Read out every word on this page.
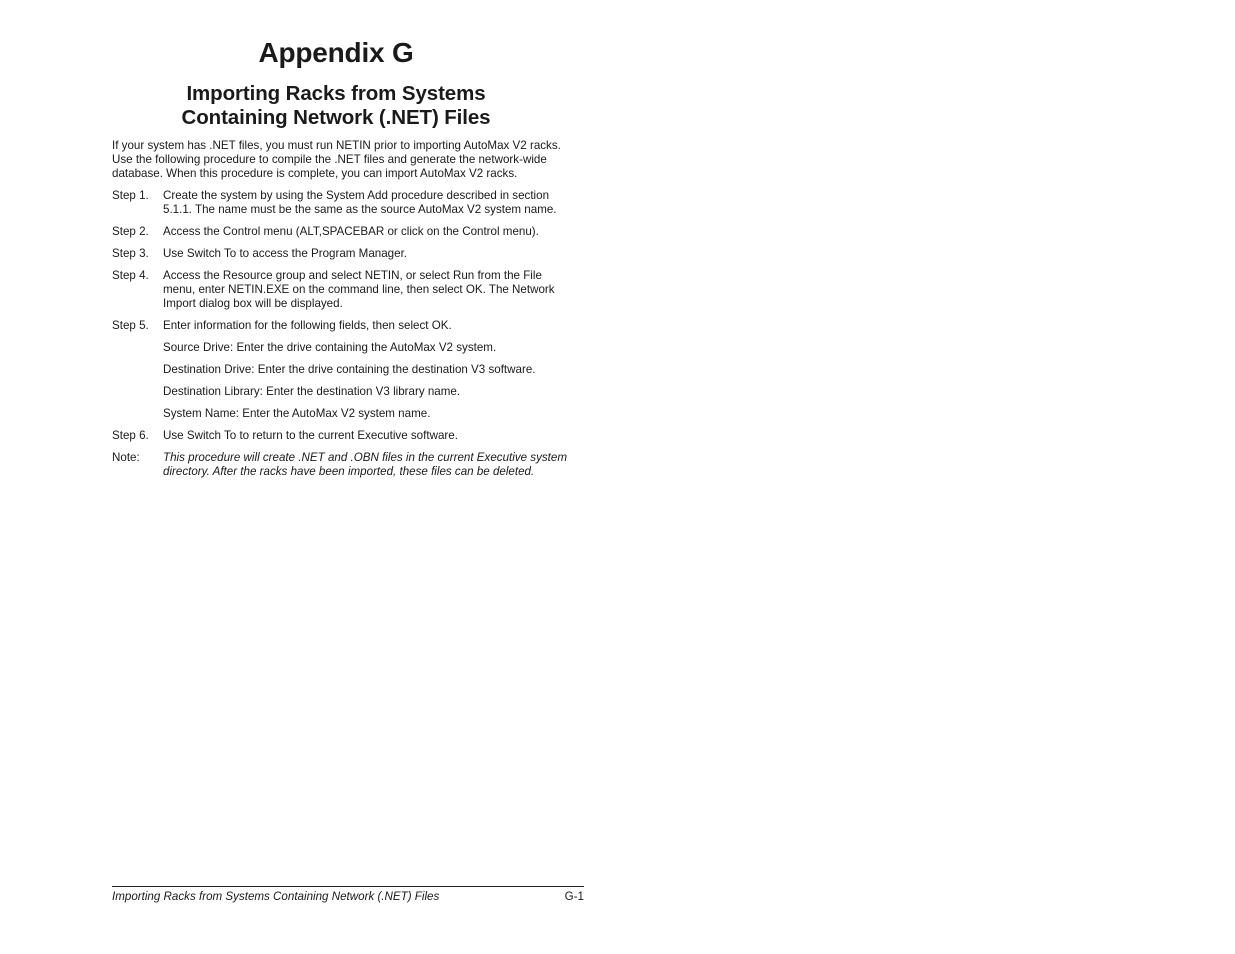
Appendix G
Importing Racks from Systems
Containing Network (.NET) Files

If your system has .NET files, you must run NETIN prior to importing AutoMax V2 racks. Use the following procedure to compile the .NET files and generate the network-wide database. When this procedure is complete, you can import AutoMax V2 racks.

Step 1.	Create the system by using the System Add procedure described in section 5.1.1. The name must be the same as the source AutoMax V2 system name.
Step 2.	Access the Control menu (ALT,SPACEBAR or click on the Control menu).
Step 3.	Use Switch To to access the Program Manager.
Step 4.	Access the Resource group and select NETIN, or select Run from the File menu, enter NETIN.EXE on the command line, then select OK. The Network Import dialog box will be displayed.
Step 5.	Enter information for the following fields, then select OK.

Source Drive: Enter the drive containing the AutoMax V2 system.

Destination Drive: Enter the drive containing the destination V3 software.

Destination Library: Enter the destination V3 library name.

System Name: Enter the AutoMax V2 system name.

Step 6.	Use Switch To to return to the current Executive software.
Note:	This procedure will create .NET and .OBN files in the current Executive system directory. After the racks have been imported, these files can be deleted.
Importing Racks from Systems Containing Network (.NET) Files	G-1
